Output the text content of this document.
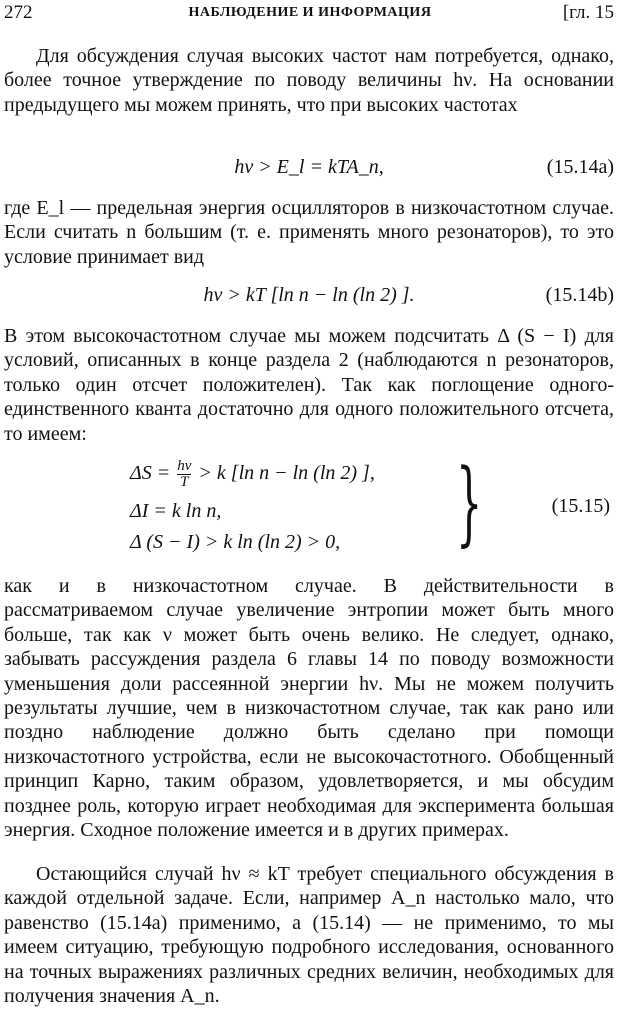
272	НАБЛЮДЕНИЕ И ИНФОРМАЦИЯ	[гл. 15

Для обсуждения случая высоких частот нам потребуется, однако, более точное утверждение по поводу величины hν. На основании предыдущего мы можем принять, что при высоких частотах

hν > E_l = kTA_n,	(15.14a)

где E_l — предельная энергия осцилляторов в низкочастотном случае. Если считать n большим (т. е. применять много резонаторов), то это условие принимает вид

hν > kT [ln n − ln (ln 2) ].	(15.14b)

В этом высокочастотном случае мы можем подсчитать Δ (S − I) для условий, описанных в конце раздела 2 (наблюдаются n резонаторов, только один отсчет положителен). Так как поглощение одного-единственного кванта достаточно для одного положительного отсчета, то имеем:

$\Delta S = \frac{h\nu}{T} > k$ [ln n − ln (ln 2) ],
ΔI = k ln n,
Δ (S − I) > k ln (ln 2) > 0, }	(15.15)

как и в низкочастотном случае. В действительности в рассматриваемом случае увеличение энтропии может быть много больше, так как ν может быть очень велико. Не следует, однако, забывать рассуждения раздела 6 главы 14 по поводу возможности уменьшения доли рассеянной энергии hν. Мы не можем получить результаты лучшие, чем в низкочастотном случае, так как рано или поздно наблюдение должно быть сделано при помощи низкочастотного устройства, если не высокочастотного. Обобщенный принцип Карно, таким образом, удовлетворяется, и мы обсудим позднее роль, которую играет необходимая для эксперимента большая энергия. Сходное положение имеется и в других примерах.

Остающийся случай hν ≈ kT требует специального обсуждения в каждой отдельной задаче. Если, например A_n настолько мало, что равенство (15.14a) применимо, а (15.14) — не применимо, то мы имеем ситуацию, требующую подробного исследования, основанного на точных выражениях различных средних величин, необходимых для получения значения A_n.
